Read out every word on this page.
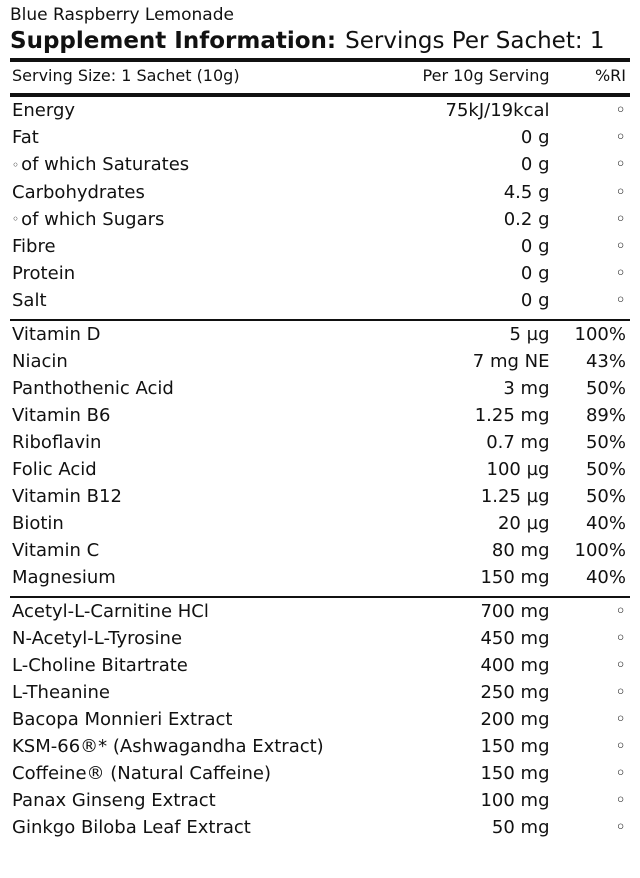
Blue Raspberry Lemonade
Supplement Information: Servings Per Sachet: 1
Serving Size: 1 Sachet (10g)	Per 10g Serving	%RI
Energy	75kJ/19kcal	◦
Fat	0 g	◦
◦ of which Saturates	0 g	◦
Carbohydrates	4.5 g	◦
◦ of which Sugars	0.2 g	◦
Fibre	0 g	◦
Protein	0 g	◦
Salt	0 g	◦
Vitamin D	5 µg	100%
Niacin	7 mg NE	43%
Panthothenic Acid	3 mg	50%
Vitamin B6	1.25 mg	89%
Riboflavin	0.7 mg	50%
Folic Acid	100 µg	50%
Vitamin B12	1.25 µg	50%
Biotin	20 µg	40%
Vitamin C	80 mg	100%
Magnesium	150 mg	40%
Acetyl-L-Carnitine HCl	700 mg	◦
N-Acetyl-L-Tyrosine	450 mg	◦
L-Choline Bitartrate	400 mg	◦
L-Theanine	250 mg	◦
Bacopa Monnieri Extract	200 mg	◦
KSM-66®* (Ashwagandha Extract)	150 mg	◦
Coffeine® (Natural Caffeine)	150 mg	◦
Panax Ginseng Extract	100 mg	◦
Ginkgo Biloba Leaf Extract	50 mg	◦
